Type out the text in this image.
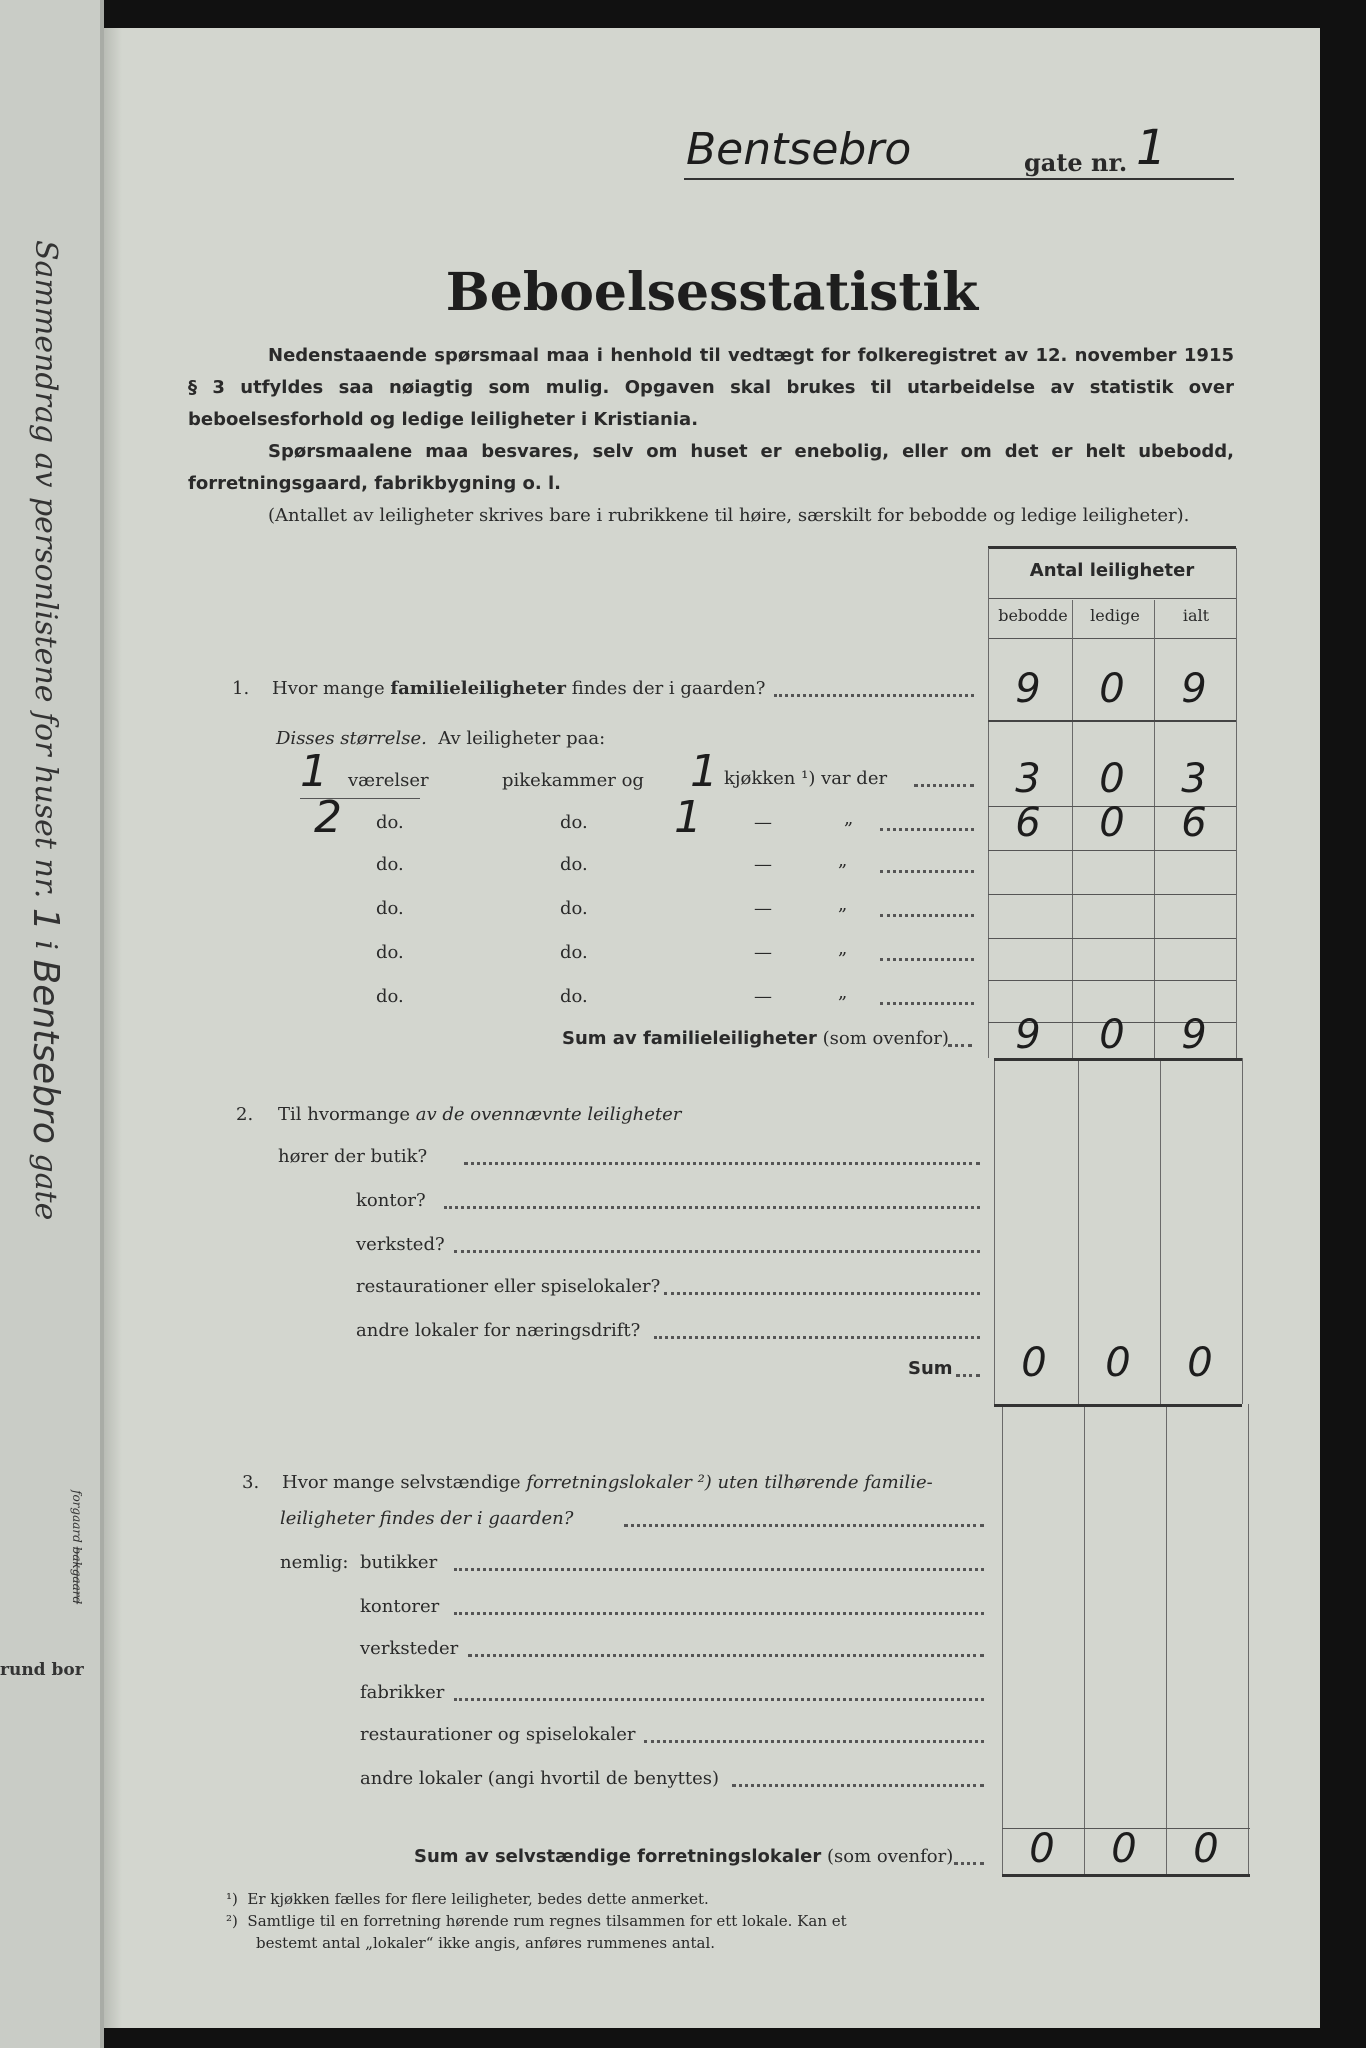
Sammendrag av personlistene for huset nr. 1 i Bentsebro gate
forgaard bakgaard
rund bor
Bentsebro	gate nr. 1
Beboelsesstatistik
Nedenstaaende spørsmaal maa i henhold til vedtægt for folkeregistret av 12. november 1915 § 3 utfyldes saa nøiagtig som mulig. Opgaven skal brukes til utarbeidelse av statistik over beboelsesforhold og ledige leiligheter i Kristiania.
Spørsmaalene maa besvares, selv om huset er enebolig, eller om det er helt ubebodd, forretningsgaard, fabrikbygning o. l.
(Antallet av leiligheter skrives bare i rubrikkene til høire, særskilt for bebodde og ledige leiligheter).
Antal leiligheter
bebodde	ledige	ialt
1. Hvor mange familieleiligheter findes der i gaarden?	9	0	9
Disses størrelse. Av leiligheter paa:
1 værelser	pikekammer og 1 kjøkken ¹) var der	3	0	3
2 do.	do. 1	—	„	6	0	6
do.	do.	—	„
do.	do.	—	„
do.	do.	—	„
do.	do.	—	„
Sum av familieleiligheter (som ovenfor)	9	0	9
2. Til hvormange av de ovennævnte leiligheter
hører der butik?
kontor?
verksted?
restaurationer eller spiselokaler?
andre lokaler for næringsdrift?
Sum	0	0	0
3. Hvor mange selvstændige forretningslokaler ²) uten tilhørende familie-
leiligheter findes der i gaarden?
nemlig: butikker
kontorer
verksteder
fabrikker
restaurationer og spiselokaler
andre lokaler (angi hvortil de benyttes)
Sum av selvstændige forretningslokaler (som ovenfor)	0	0	0
¹) Er kjøkken fælles for flere leiligheter, bedes dette anmerket.
²) Samtlige til en forretning hørende rum regnes tilsammen for ett lokale. Kan et
bestemt antal „lokaler“ ikke angis, anføres rummenes antal.
